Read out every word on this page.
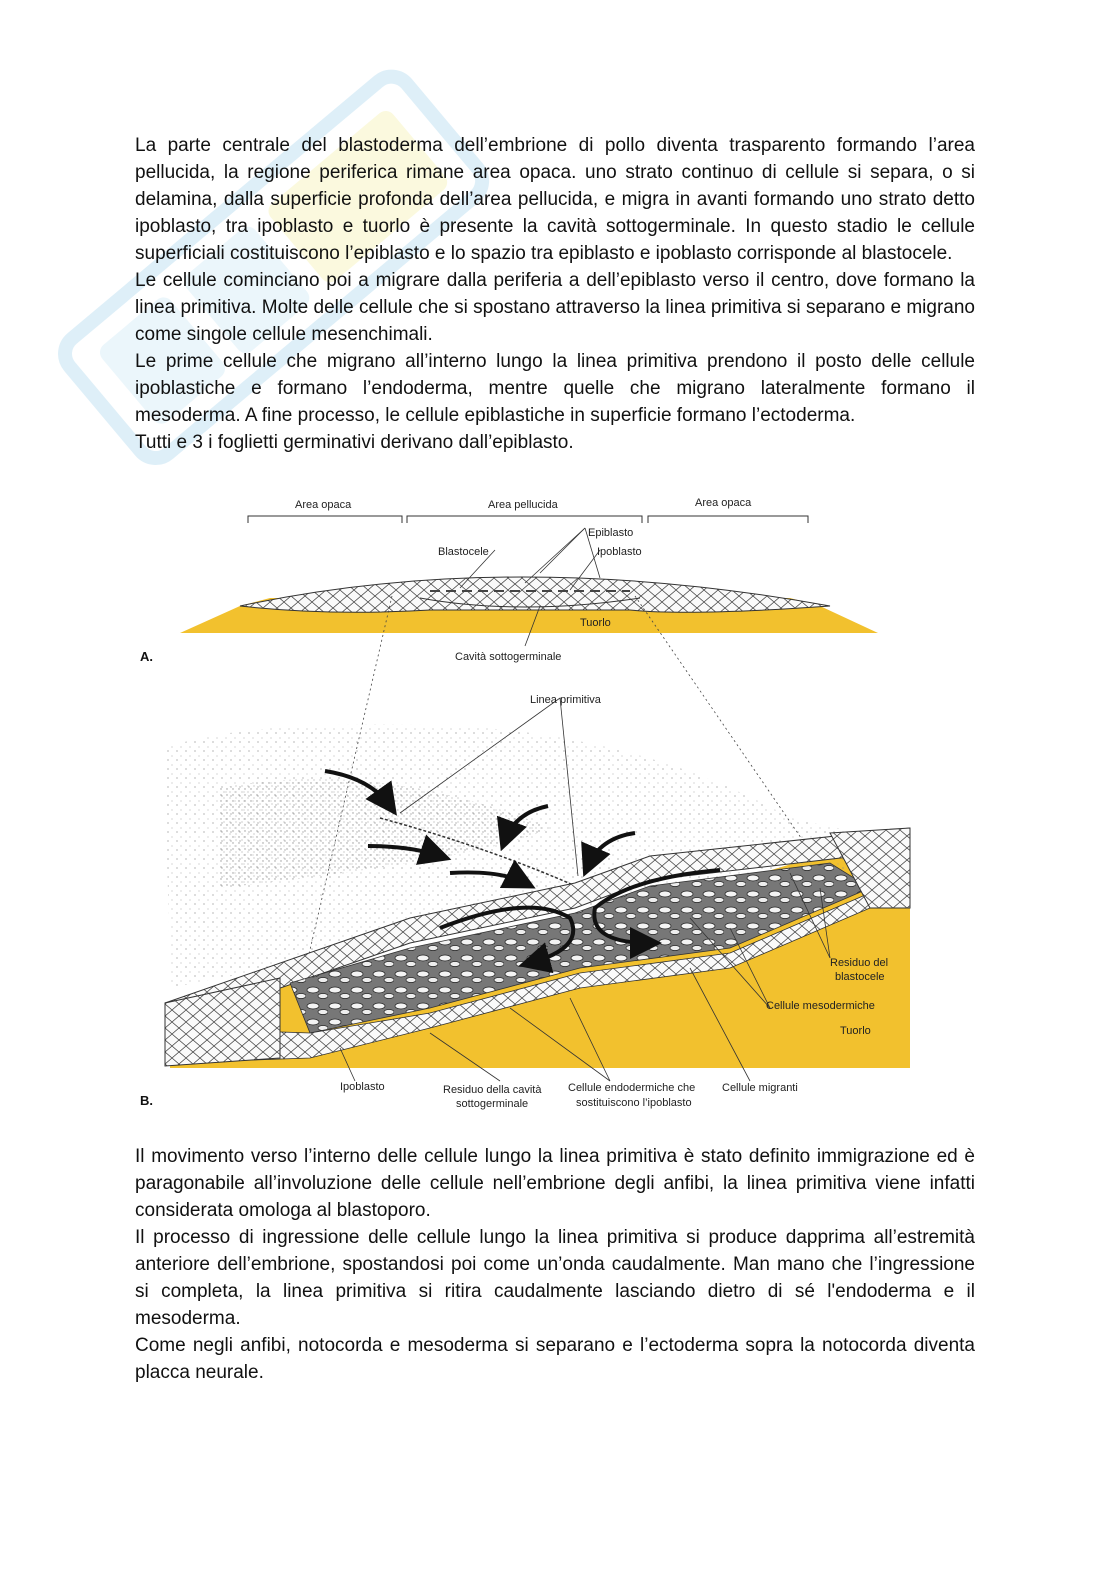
La parte centrale del blastoderma dell’embrione di pollo diventa trasparento formando l’area pellucida, la regione periferica rimane area opaca. uno strato continuo di cellule si separa, o si delamina, dalla superficie profonda dell’area pellucida, e migra in avanti formando uno strato detto ipoblasto, tra ipoblasto e tuorlo è presente la cavità sottogerminale. In questo stadio le cellule superficiali costituiscono l’epiblasto e lo spazio tra epiblasto e ipoblasto corrisponde al blastocele.

Le cellule cominciano poi a migrare dalla periferia a dell’epiblasto verso il centro, dove formano la linea primitiva. Molte delle cellule che si spostano attraverso la linea primitiva si separano e migrano come singole cellule mesenchimali.

Le prime cellule che migrano all’interno lungo la linea primitiva prendono il posto delle cellule ipoblastiche e formano l’endoderma, mentre quelle che migrano lateralmente formano il mesoderma. A fine processo, le cellule epiblastiche in superficie formano l’ectoderma.

Tutti e 3 i foglietti germinativi derivano dall’epiblasto.

Area opaca	Area pellucida	Area opaca
Epiblasto
Blastocele	Ipoblasto
Tuorlo
Cavità sottogerminale
A.
Linea primitiva
Residuo del
blastocele
Cellule mesodermiche
Tuorlo
Ipoblasto	Residuo della cavità
sottogerminale
Cellule endodermiche che
sostituiscono l’ipoblasto
Cellule migranti
B.

Il movimento verso l’interno delle cellule lungo la linea primitiva è stato definito immigrazione ed è paragonabile all’involuzione delle cellule nell’embrione degli anfibi, la linea primitiva viene infatti considerata omologa al blastoporo.

Il processo di ingressione delle cellule lungo la linea primitiva si produce dapprima all’estremità anteriore dell’embrione, spostandosi poi come un’onda caudalmente. Man mano che l’ingressione si completa, la linea primitiva si ritira caudalmente lasciando dietro di sé l'endoderma e il mesoderma.

Come negli anfibi, notocorda e mesoderma si separano e l’ectoderma sopra la notocorda diventa placca neurale.
